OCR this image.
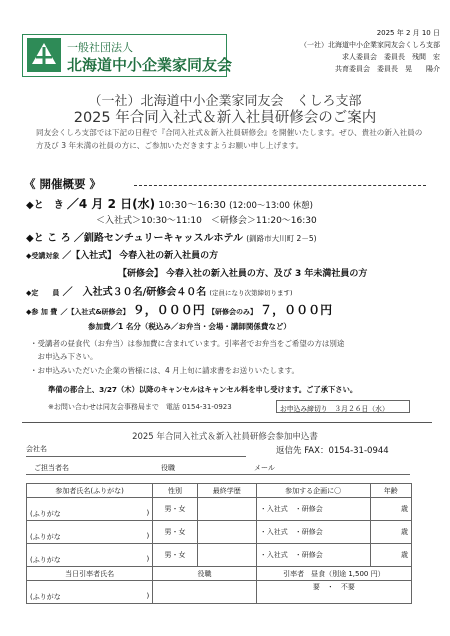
一般社団法人
北海道中小企業家同友会
2025 年 2 月 10 日
（一社）北海道中小企業家同友会くしろ支部
求人委員会　委員長　残間　宏
共育委員会　委員長　晃　　陽介
（一社）北海道中小企業家同友会　くしろ支部
2025 年合同入社式＆新入社員研修会のご案内
同友会くしろ支部では下記の日程で『合同入社式＆新入社員研修会』を開催いたします。ぜひ、貴社の新入社員の方及び 3 年未満の社員の方に、ご参加いただきますようお願い申し上げます。
《 開催概要 》
◆と　き ／4 月 2 日(水) 10:30～16:30 (12:00～13:00 休憩)
＜入社式＞10:30～11:10　＜研修会＞11:20～16:30
◆と こ ろ ／釧路センチュリーキャッスルホテル (釧路市大川町 2－5)
◆受講対象 ／【入社式】 今春入社の新入社員の方
【研修会】 今春入社の新入社員の方、及び 3 年未満社員の方
◆定　　員 ／　入社式３０名/研修会４０名 (定員になり次第締切ります)
◆参 加 費 ／【入社式&研修会】 ９，０００円 【研修会のみ】 ７，０００円
参加費／1 名分（税込み／お弁当・会場・講師関係費など）
・受講者の昼食代（お弁当）は参加費に含まれています。引率者でお弁当をご希望の方は別途
　お申込み下さい。
・お申込みいただいた企業の皆様には、4 月上旬に請求書をお送りいたします。
準備の都合上、3/27（木）以降のキャンセルはキャンセル料を申し受けます。ご了承下さい。
※お問い合わせは同友会事務局まで　電話 0154-31-0923	お申込み締切り　３月２６日（水）
2025 年合同入社式＆新入社員研修会参加申込書
会社名	返信先 FAX：0154-31-0944
ご担当者名	役職	メール
参加者氏名(ふりがな)	性別	最終学歴	参加する企画に〇	年齢

(ふりがな )	男・女		・入社式　・研修会	歳

(ふりがな )	男・女		・入社式　・研修会	歳

(ふりがな )	男・女		・入社式　・研修会	歳
当日引率者氏名	役職		引率者　昼食（別途 1,500 円）	

(ふりがな )			要　・　不要	
